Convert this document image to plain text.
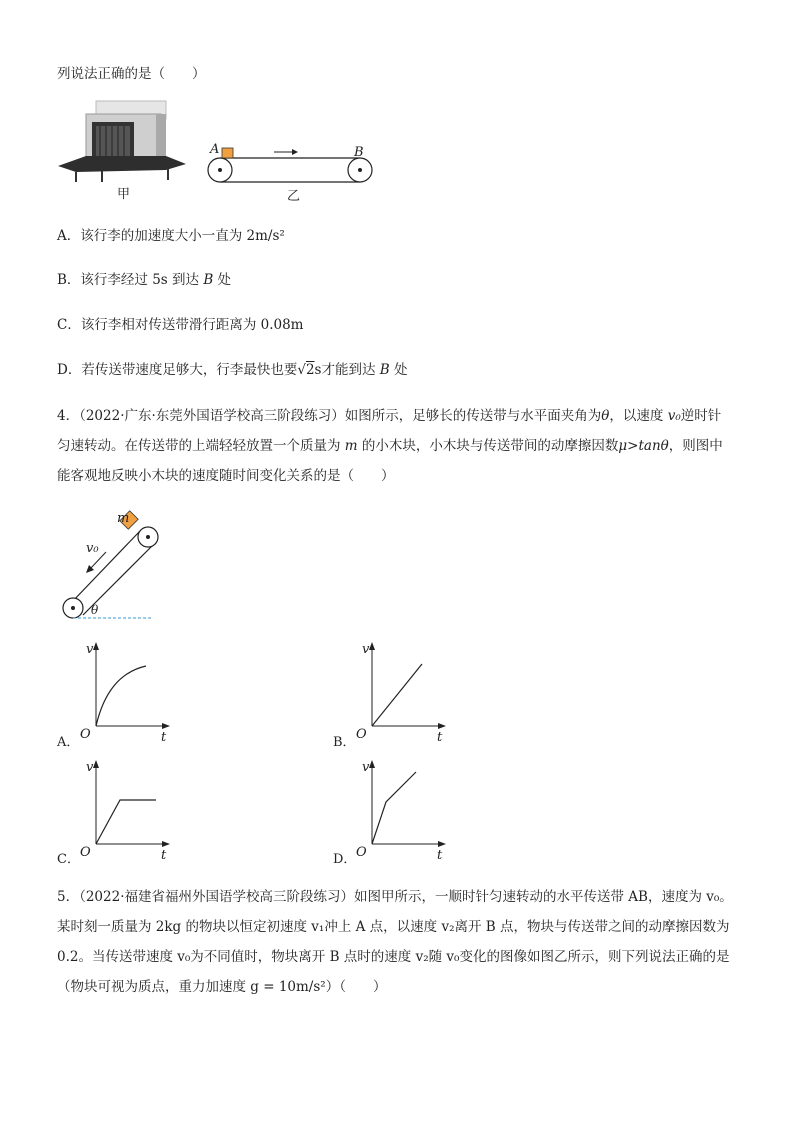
列说法正确的是（　　）
甲
A	B
乙
A．该行李的加速度大小一直为 2m/s²
B．该行李经过 5s 到达 B 处
C．该行李相对传送带滑行距离为 0.08m
D．若传送带速度足够大，行李最快也要√2s才能到达 B 处
4．（2022·广东·东莞外国语学校高三阶段练习）如图所示，足够长的传送带与水平面夹角为θ，以速度 v₀逆时针
匀速转动。在传送带的上端轻轻放置一个质量为 m 的小木块，小木块与传送带间的动摩擦因数μ>tanθ，则图中
能客观地反映小木块的速度随时间变化关系的是（　　）
m
v₀
θ
v
t
O
A．
v
t
O
B．
v
t
O
C．
v
t
O
D．
5．（2022·福建省福州外国语学校高三阶段练习）如图甲所示，一顺时针匀速转动的水平传送带 AB，速度为 v₀。
某时刻一质量为 2kg 的物块以恒定初速度 v₁冲上 A 点，以速度 v₂离开 B 点，物块与传送带之间的动摩擦因数为
0.2。当传送带速度 v₀为不同值时，物块离开 B 点时的速度 v₂随 v₀变化的图像如图乙所示，则下列说法正确的是
（物块可视为质点，重力加速度 g = 10m/s²）（　　）
